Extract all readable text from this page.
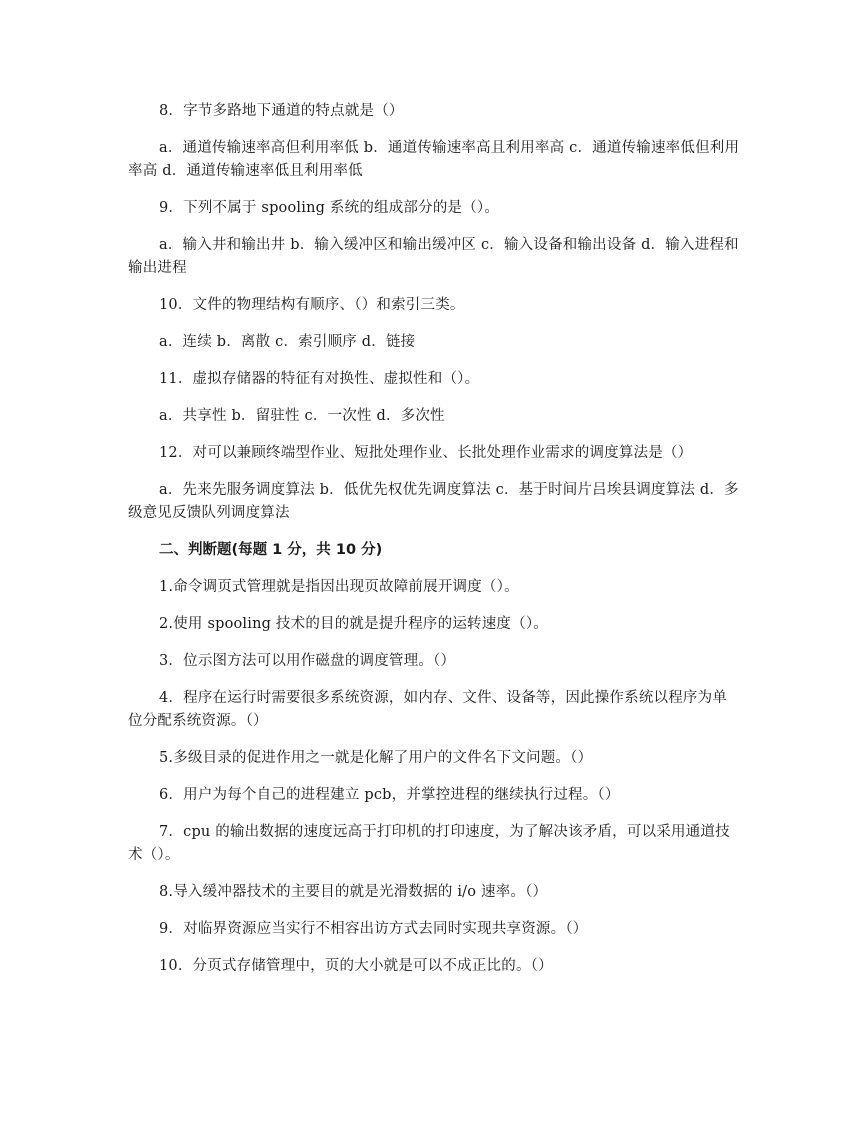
8．字节多路地下通道的特点就是（）

a．通道传输速率高但利用率低 b．通道传输速率高且利用率高 c．通道传输速率低但利用率高 d．通道传输速率低且利用率低

9．下列不属于 spooling 系统的组成部分的是（）。

a．输入井和输出井 b．输入缓冲区和输出缓冲区 c．输入设备和输出设备 d．输入进程和输出进程

10．文件的物理结构有顺序、（）和索引三类。

a．连续 b．离散 c．索引顺序 d．链接

11．虚拟存储器的特征有对换性、虚拟性和（）。

a．共享性 b．留驻性 c．一次性 d．多次性

12．对可以兼顾终端型作业、短批处理作业、长批处理作业需求的调度算法是（）

a．先来先服务调度算法 b．低优先权优先调度算法 c．基于时间片吕埃县调度算法 d．多级意见反馈队列调度算法

二、判断题(每题 1 分，共 10 分)

1.命令调页式管理就是指因出现页故障前展开调度（）。

2.使用 spooling 技术的目的就是提升程序的运转速度（）。

3．位示图方法可以用作磁盘的调度管理。（）

4．程序在运行时需要很多系统资源，如内存、文件、设备等，因此操作系统以程序为单位分配系统资源。（）

5.多级目录的促进作用之一就是化解了用户的文件名下文问题。（）

6．用户为每个自己的进程建立 pcb，并掌控进程的继续执行过程。（）

7．cpu 的输出数据的速度远高于打印机的打印速度，为了解决该矛盾，可以采用通道技术（）。

8.导入缓冲器技术的主要目的就是光滑数据的 i/o 速率。（）

9．对临界资源应当实行不相容出访方式去同时实现共享资源。（）

10．分页式存储管理中，页的大小就是可以不成正比的。（）
